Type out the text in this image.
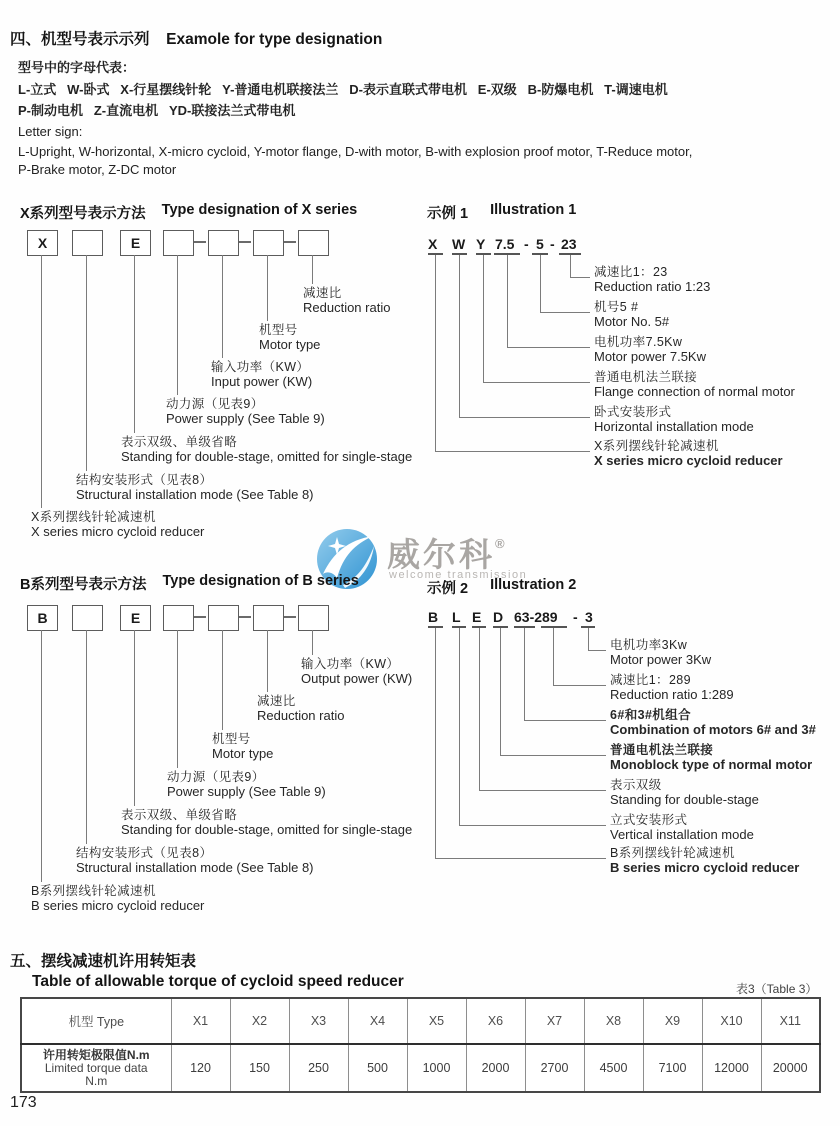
四、机型号表示示列 Examole for type designation
型号中的字母代表：
L-立式   W-卧式   X-行星摆线针轮   Y-普通电机联接法兰   D-表示直联式带电机   E-双级   B-防爆电机   T-调速电机
P-制动电机   Z-直流电机   YD-联接法兰式带电机
Letter sign:
L-Upright, W-horizontal, X-micro cycloid, Y-motor flange, D-with motor, B-with explosion proof motor, T-Reduce motor,
P-Brake motor, Z-DC motor
X系列型号表示方法 Type designation of X series
X	E
减速比
Reduction ratio
机型号
Motor type
输入功率（KW）
Input power (KW)
动力源（见表9）
Power supply (See Table 9)
表示双级、单级省略
Standing for double-stage, omitted for single-stage
结构安装形式（见表8）
Structural installation mode (See Table 8)
X系列摆线针轮减速机
X series micro cycloid reducer
示例 1 Illustration 1
X W Y 7.5 - 5 - 23
减速比1：23
Reduction ratio 1:23
机号5 #
Motor No. 5#
电机功率7.5Kw
Motor power 7.5Kw
普通电机法兰联接
Flange connection of normal motor
卧式安装形式
Horizontal installation mode
X系列摆线针轮减速机
X series micro cycloid reducer
威尔科®
welcome transmission
B系列型号表示方法 Type designation of B series
B	E
输入功率（KW）
Output power (KW)
减速比
Reduction ratio
机型号
Motor type
动力源（见表9）
Power supply (See Table 9)
表示双级、单级省略
Standing for double-stage, omitted for single-stage
结构安装形式（见表8）
Structural installation mode (See Table 8)
B系列摆线针轮减速机
B series micro cycloid reducer
示例 2 Illustration 2
B L E D 63-289 - 3
电机功率3Kw
Motor power 3Kw
减速比1：289
Reduction ratio 1:289
6#和3#机组合
Combination of motors 6# and 3#
普通电机法兰联接
Monoblock type of normal motor
表示双级
Standing for double-stage
立式安装形式
Vertical installation mode
B系列摆线针轮减速机
B series micro cycloid reducer
五、摆线减速机许用转矩表
Table of allowable torque of cycloid speed reducer	表3（Table 3）
机型 Type	X1	X2	X3	X4	X5	X6	X7	X8	X9	X10	X11

许用转矩极限值N.m
Limited torque data
N.m	120	150	250	500	1000	2000	2700	4500	7100	12000	20000
173
